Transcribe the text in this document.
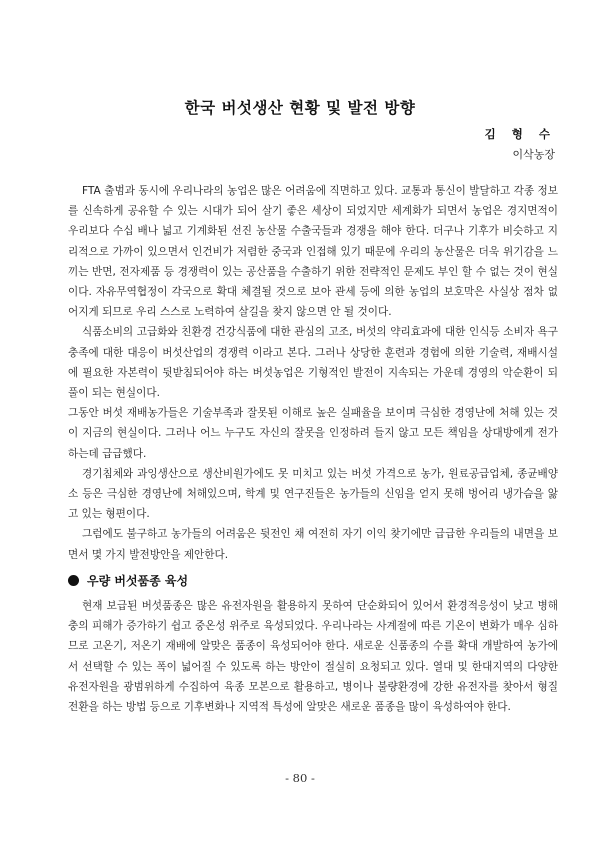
한국 버섯생산 현황 및 발전 방향
김 형 수
이삭농장

FTA 출범과 동시에 우리나라의 농업은 많은 어려움에 직면하고 있다. 교통과 통신이 발달하고 각종 정보를 신속하게 공유할 수 있는 시대가 되어 살기 좋은 세상이 되었지만 세계화가 되면서 농업은 경지면적이 우리보다 수십 배나 넓고 기계화된 선진 농산물 수출국들과 경쟁을 해야 한다. 더구나 기후가 비슷하고 지리적으로 가까이 있으면서 인건비가 저렴한 중국과 인접해 있기 때문에 우리의 농산물은 더욱 위기감을 느끼는 반면, 전자제품 등 경쟁력이 있는 공산품을 수출하기 위한 전략적인 문제도 부인 할 수 없는 것이 현실이다. 자유무역협정이 각국으로 확대 체결될 것으로 보아 관세 등에 의한 농업의 보호막은 사실상 점차 없어지게 되므로 우리 스스로 노력하여 살길을 찾지 않으면 안 될 것이다.

식품소비의 고급화와 친환경 건강식품에 대한 관심의 고조, 버섯의 약리효과에 대한 인식등 소비자 욕구충족에 대한 대응이 버섯산업의 경쟁력 이라고 본다. 그러나 상당한 훈련과 경험에 의한 기술력, 재배시설에 필요한 자본력이 뒷받침되어야 하는 버섯농업은 기형적인 발전이 지속되는 가운데 경영의 악순환이 되풀이 되는 현실이다.

그동안 버섯 재배농가들은 기술부족과 잘못된 이해로 높은 실패율을 보이며 극심한 경영난에 처해 있는 것이 지금의 현실이다. 그러나 어느 누구도 자신의 잘못을 인정하려 들지 않고 모든 책임을 상대방에게 전가하는데 급급했다.

경기침체와 과잉생산으로 생산비원가에도 못 미치고 있는 버섯 가격으로 농가, 원료공급업체, 종균배양소 등은 극심한 경영난에 처해있으며, 학계 및 연구진들은 농가들의 신임을 얻지 못해 벙어리 냉가슴을 앓고 있는 형편이다.

그럼에도 불구하고 농가들의 어려움은 뒷전인 채 여전히 자기 이익 찾기에만 급급한 우리들의 내면을 보면서 몇 가지 발전방안을 제안한다.

우량 버섯품종 육성

현재 보급된 버섯품종은 많은 유전자원을 활용하지 못하여 단순화되어 있어서 환경적응성이 낮고 병해충의 피해가 증가하기 쉽고 중온성 위주로 육성되었다. 우리나라는 사계절에 따른 기온이 변화가 매우 심하므로 고온기, 저온기 재배에 알맞은 품종이 육성되어야 한다. 새로운 신품종의 수를 확대 개발하여 농가에서 선택할 수 있는 폭이 넓어질 수 있도록 하는 방안이 절실히 요청되고 있다. 열대 및 한대지역의 다양한 유전자원을 광범위하게 수집하여 육종 모본으로 활용하고, 병이나 불량환경에 강한 유전자를 찾아서 형질전환을 하는 방법 등으로 기후변화나 지역적 특성에 알맞은 새로운 품종을 많이 육성하여야 한다.

- 80 -
